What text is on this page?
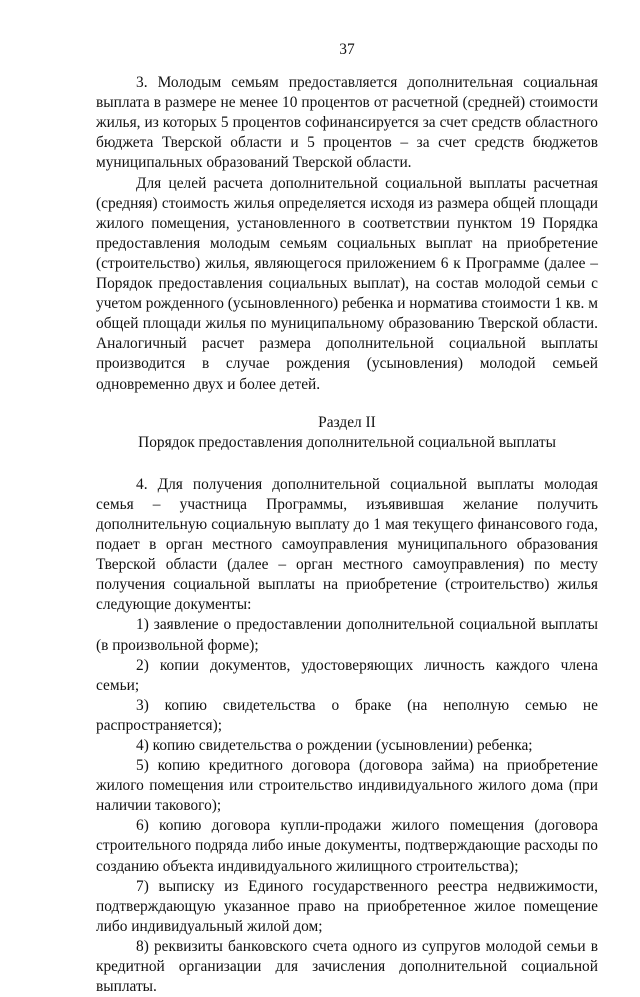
37

3. Молодым семьям предоставляется дополнительная социальная выплата в размере не менее 10 процентов от расчетной (средней) стоимости жилья, из которых 5 процентов софинансируется за счет средств областного бюджета Тверской области и 5 процентов – за счет средств бюджетов муниципальных образований Тверской области.

Для целей расчета дополнительной социальной выплаты расчетная (средняя) стоимость жилья определяется исходя из размера общей площади жилого помещения, установленного в соответствии пунктом 19 Порядка предоставления молодым семьям социальных выплат на приобретение (строительство) жилья, являющегося приложением 6 к Программе (далее – Порядок предоставления социальных выплат), на состав молодой семьи с учетом рожденного (усыновленного) ребенка и норматива стоимости 1 кв. м общей площади жилья по муниципальному образованию Тверской области. Аналогичный расчет размера дополнительной социальной выплаты производится в случае рождения (усыновления) молодой семьей одновременно двух и более детей.

Раздел II
Порядок предоставления дополнительной социальной выплаты

4. Для получения дополнительной социальной выплаты молодая семья – участница Программы, изъявившая желание получить дополнительную социальную выплату до 1 мая текущего финансового года, подает в орган местного самоуправления муниципального образования Тверской области (далее – орган местного самоуправления) по месту получения социальной выплаты на приобретение (строительство) жилья следующие документы:

1) заявление о предоставлении дополнительной социальной выплаты (в произвольной форме);

2) копии документов, удостоверяющих личность каждого члена семьи;

3) копию свидетельства о браке (на неполную семью не распространяется);

4) копию свидетельства о рождении (усыновлении) ребенка;

5) копию кредитного договора (договора займа) на приобретение жилого помещения или строительство индивидуального жилого дома (при наличии такового);

6) копию договора купли-продажи жилого помещения (договора строительного подряда либо иные документы, подтверждающие расходы по созданию объекта индивидуального жилищного строительства);

7) выписку из Единого государственного реестра недвижимости, подтверждающую указанное право на приобретенное жилое помещение либо индивидуальный жилой дом;

8) реквизиты банковского счета одного из супругов молодой семьи в кредитной организации для зачисления дополнительной социальной выплаты.
